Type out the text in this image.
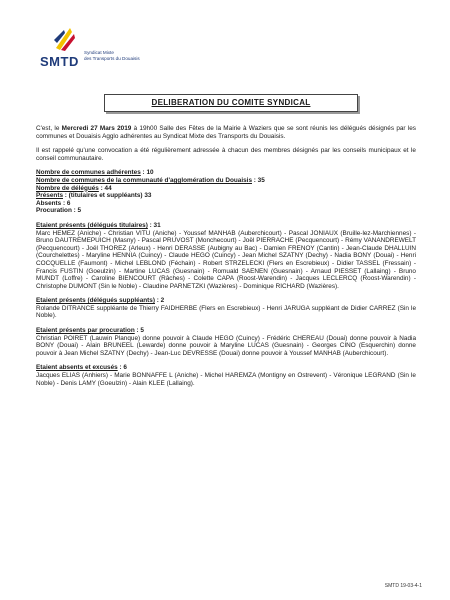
SMTD
Syndicat Mixte
des Transports du Douaisis
DELIBERATION DU COMITE SYNDICAL

C'est, le Mercredi 27 Mars 2019 à 19h00 Salle des Fêtes de la Mairie à Waziers que se sont réunis les délégués désignés par les communes et Douaisis Agglo adhérentes au Syndicat Mixte des Transports du Douaisis.

Il est rappelé qu'une convocation a été régulièrement adressée à chacun des membres désignés par les conseils municipaux et le conseil communautaire.

Nombre de communes adhérentes : 10

Nombre de communes de la communauté d'agglomération du Douaisis : 35

Nombre de délégués : 44

Présents : (titulaires et suppléants) 33

Absents : 6

Procuration : 5

Etaient présents (délégués titulaires) : 31

Marc HEMEZ (Aniche) - Christian VITU (Aniche) - Youssef MANHAB (Auberchicourt) - Pascal JONIAUX (Bruille-lez-Marchiennes) - Bruno DAUTREMEPUICH (Masny) - Pascal PRUVOST (Monchecourt) - Joël PIERRACHE (Pecquencourt) - Rémy VANANDREWELT (Pecquencourt) - Joël THOREZ (Arleux) - Henri DERASSE (Aubigny au Bac) - Damien FRENOY (Cantin) - Jean-Claude DHALLUIN (Courchelettes) - Maryline HENNIA (Cuincy) - Claude HEGO (Cuincy) - Jean Michel SZATNY (Dechy) - Nadia BONY (Douai) - Henri COCQUELLE (Faumont) - Michel LEBLOND (Féchain) - Robert STRZELECKI (Flers en Escrebieux) - Didier TASSEL (Fressain) - Francis FUSTIN (Goeulzin) - Martine LUCAS (Guesnain) - Romuald SAENEN (Guesnain) - Arnaud PIESSET (Lallaing) - Bruno MUNDT (Loffre) - Caroline BIENCOURT (Râches) - Colette CAPA (Roost-Warendin) - Jacques LECLERCQ (Roost-Warendin) - Christophe DUMONT (Sin le Noble) - Claudine PARNETZKI (Wazières) - Dominique RICHARD (Wazières).

Etaient présents (délégués suppléants) : 2

Rolande DITRANCE suppléante de Thierry FAIDHERBE (Flers en Escrebieux) - Henri JARUGA suppléant de Didier CARREZ (Sin le Noble).

Etaient présents par procuration : 5

Christian POIRET (Lauwin Planque) donne pouvoir à Claude HEGO (Cuincy) - Frédéric CHEREAU (Douai) donne pouvoir à Nadia BONY (Douai) - Alain BRUNEEL (Lewarde) donne pouvoir à Maryline LUCAS (Guesnain) - Georges CINO (Esquerchin) donne pouvoir à Jean Michel SZATNY (Dechy) - Jean-Luc DEVRESSE (Douai) donne pouvoir à Youssef MANHAB (Auberchicourt).

Etaient absents et excusés : 6

Jacques ELIAS (Anhiers) - Marie BONNAFFE L (Aniche) - Michel HAREMZA (Montigny en Ostrevent) - Véronique LEGRAND (Sin le Noble) - Denis LAMY (Goeulzin) - Alain KLEE (Lallaing).

SMTD 19-03-4-1
